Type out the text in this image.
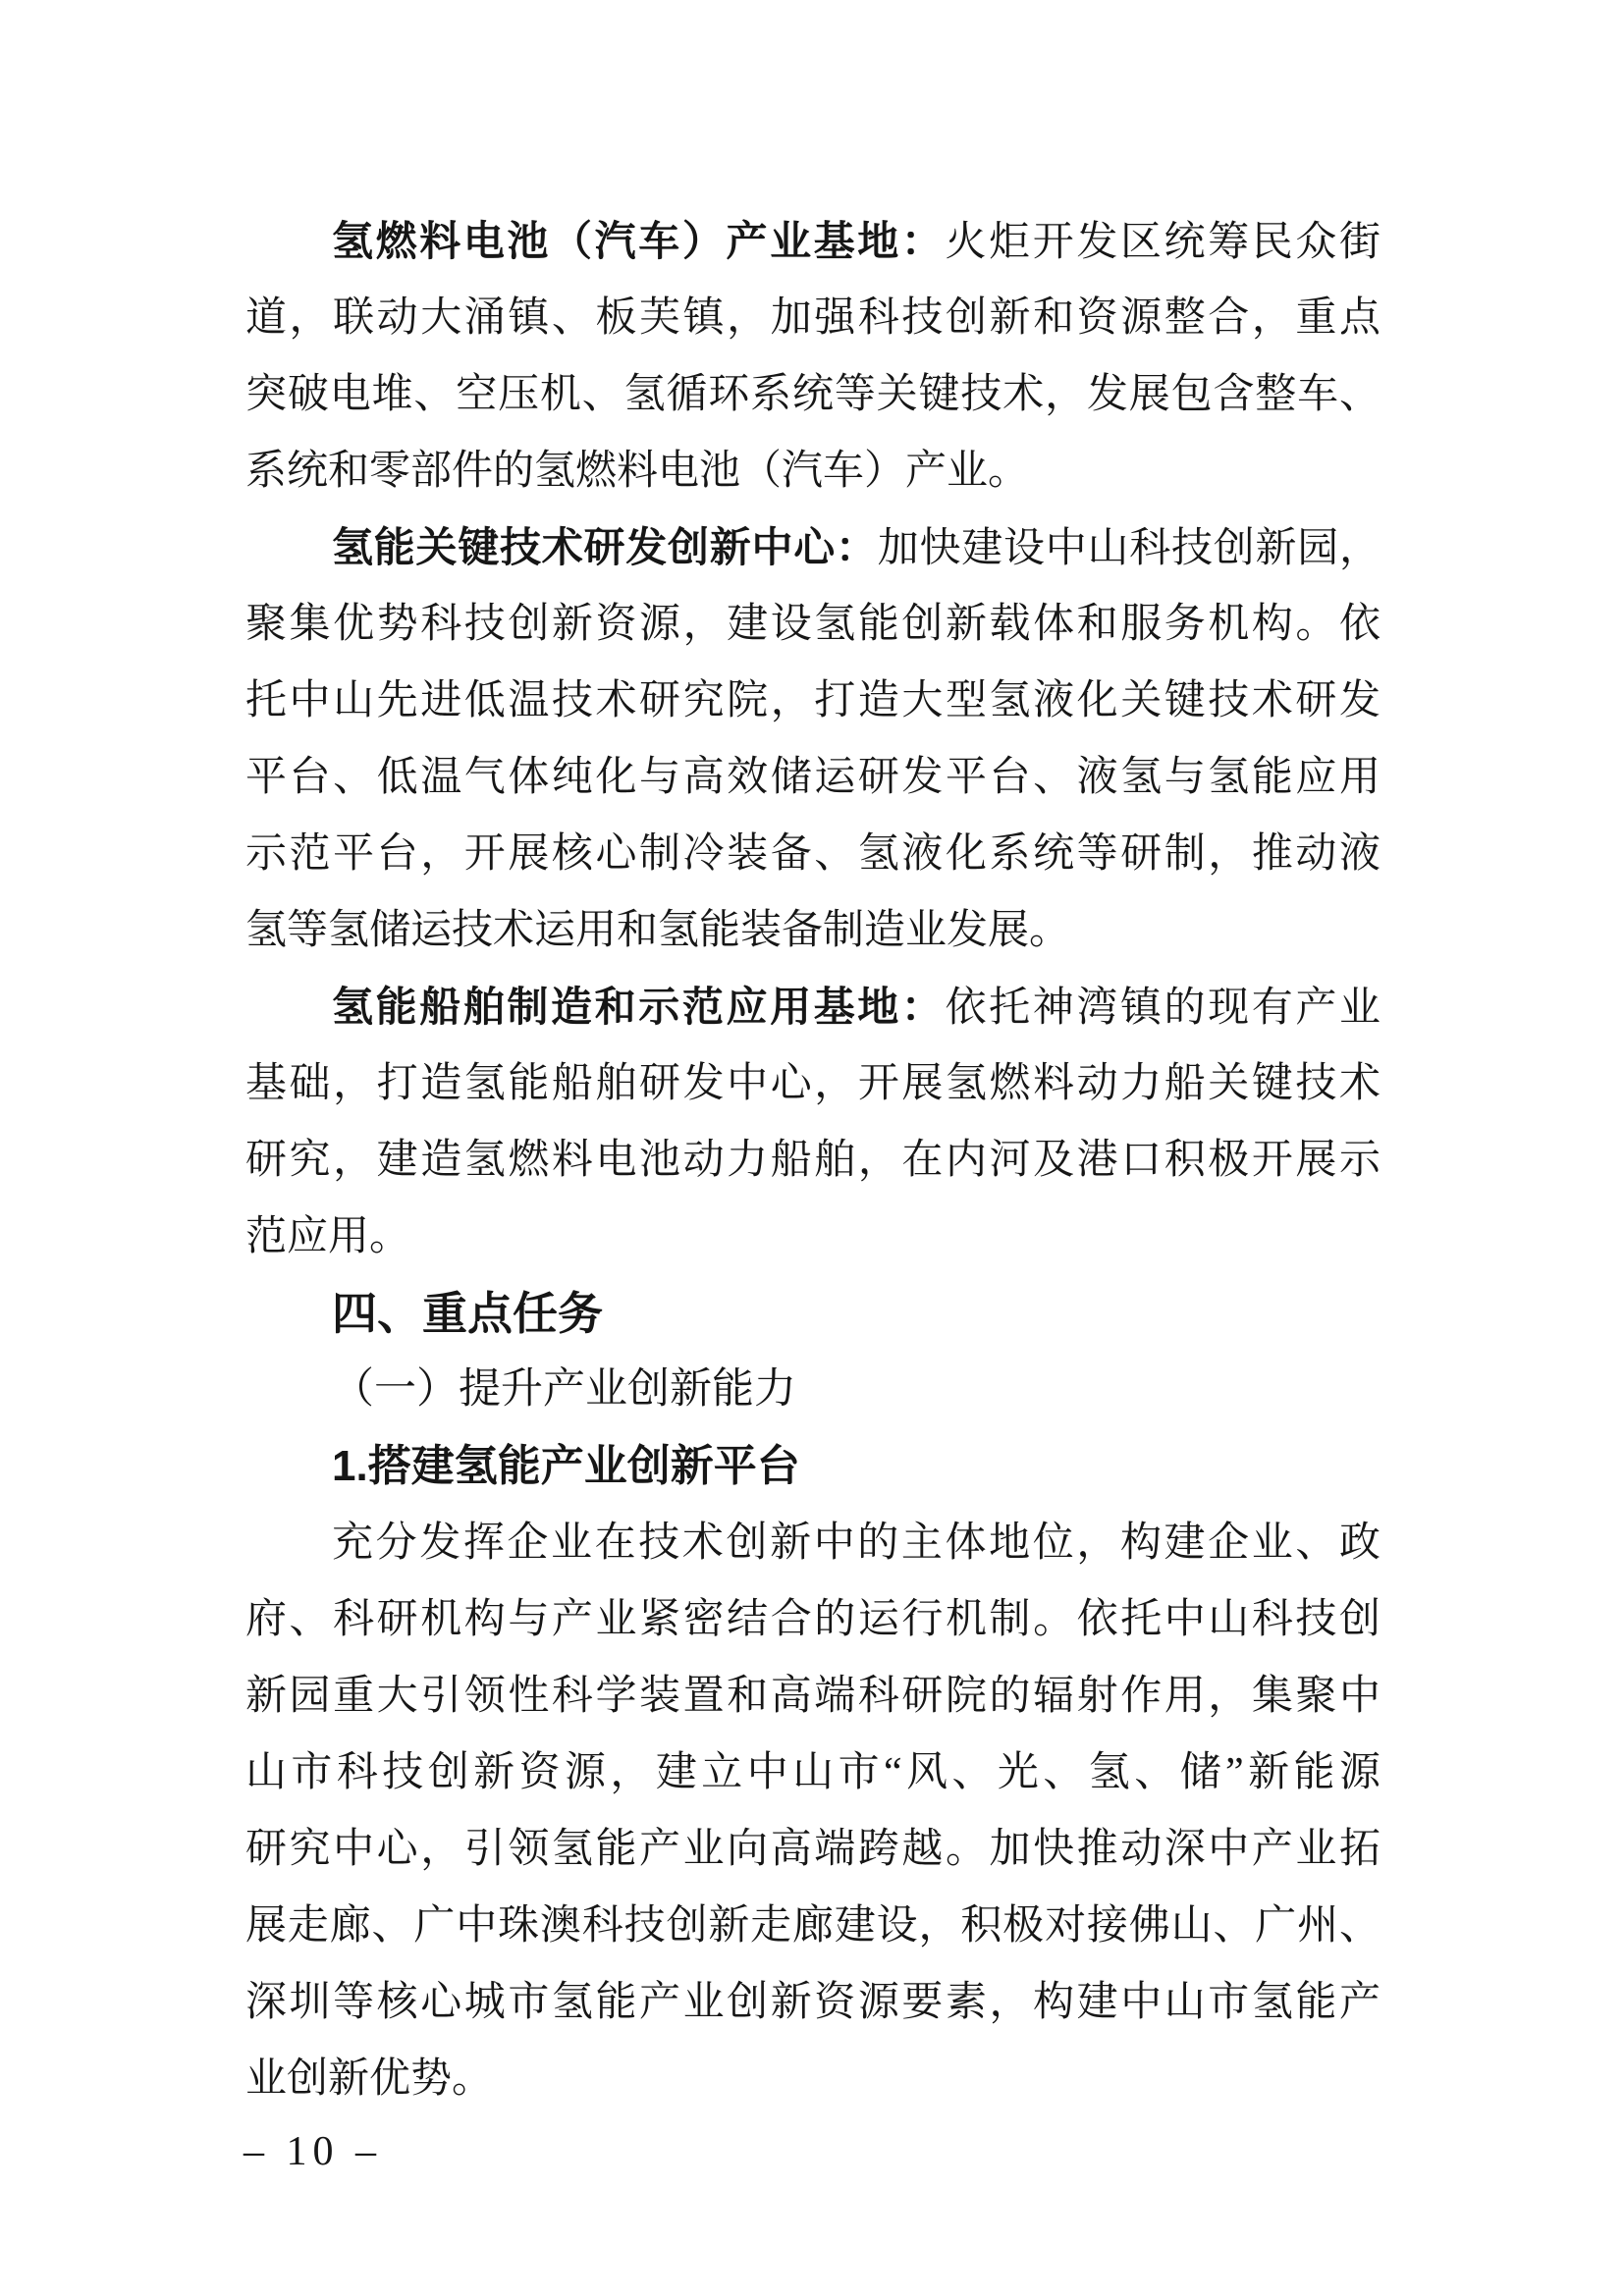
氢燃料电池（汽车）产业基地：火炬开发区统筹民众街
道，联动大涌镇、板芙镇，加强科技创新和资源整合，重点
突破电堆、空压机、氢循环系统等关键技术，发展包含整车、
系统和零部件的氢燃料电池（汽车）产业。
氢能关键技术研发创新中心：加快建设中山科技创新园，
聚集优势科技创新资源，建设氢能创新载体和服务机构。依
托中山先进低温技术研究院，打造大型氢液化关键技术研发
平台、低温气体纯化与高效储运研发平台、液氢与氢能应用
示范平台，开展核心制冷装备、氢液化系统等研制，推动液
氢等氢储运技术运用和氢能装备制造业发展。
氢能船舶制造和示范应用基地：依托神湾镇的现有产业
基础，打造氢能船舶研发中心，开展氢燃料动力船关键技术
研究，建造氢燃料电池动力船舶，在内河及港口积极开展示
范应用。
四、重点任务
（一）提升产业创新能力
1.搭建氢能产业创新平台
充分发挥企业在技术创新中的主体地位，构建企业、政
府、科研机构与产业紧密结合的运行机制。依托中山科技创
新园重大引领性科学装置和高端科研院的辐射作用，集聚中
山市科技创新资源，建立中山市“风、光、氢、储”新能源
研究中心，引领氢能产业向高端跨越。加快推动深中产业拓
展走廊、广中珠澳科技创新走廊建设，积极对接佛山、广州、
深圳等核心城市氢能产业创新资源要素，构建中山市氢能产
业创新优势。
– 10 –
